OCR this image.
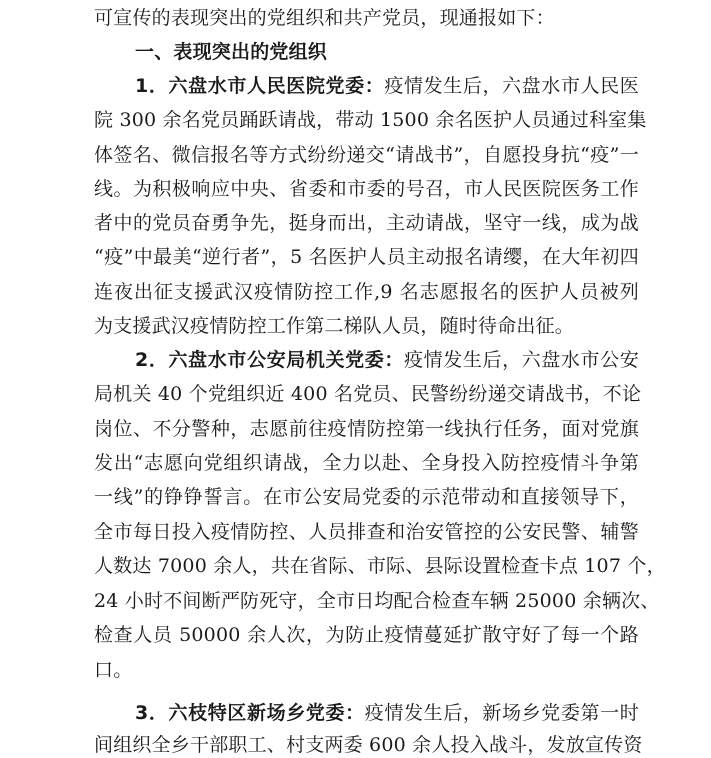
可宣传的表现突出的党组织和共产党员，现通报如下：
一、表现突出的党组织
1．六盘水市人民医院党委：疫情发生后，六盘水市人民医
院 300 余名党员踊跃请战，带动 1500 余名医护人员通过科室集
体签名、微信报名等方式纷纷递交“请战书”，自愿投身抗“疫”一
线。为积极响应中央、省委和市委的号召，市人民医院医务工作
者中的党员奋勇争先，挺身而出，主动请战，坚守一线，成为战
“疫”中最美“逆行者”，5 名医护人员主动报名请缨，在大年初四
连夜出征支援武汉疫情防控工作,9 名志愿报名的医护人员被列
为支援武汉疫情防控工作第二梯队人员，随时待命出征。
2．六盘水市公安局机关党委：疫情发生后，六盘水市公安
局机关 40 个党组织近 400 名党员、民警纷纷递交请战书，不论
岗位、不分警种，志愿前往疫情防控第一线执行任务，面对党旗
发出“志愿向党组织请战，全力以赴、全身投入防控疫情斗争第
一线”的铮铮誓言。在市公安局党委的示范带动和直接领导下，
全市每日投入疫情防控、人员排查和治安管控的公安民警、辅警
人数达 7000 余人，共在省际、市际、县际设置检查卡点 107 个，
24 小时不间断严防死守，全市日均配合检查车辆 25000 余辆次、
检查人员 50000 余人次，为防止疫情蔓延扩散守好了每一个路
口。
3．六枝特区新场乡党委：疫情发生后，新场乡党委第一时
间组织全乡干部职工、村支两委 600 余人投入战斗，发放宣传资
